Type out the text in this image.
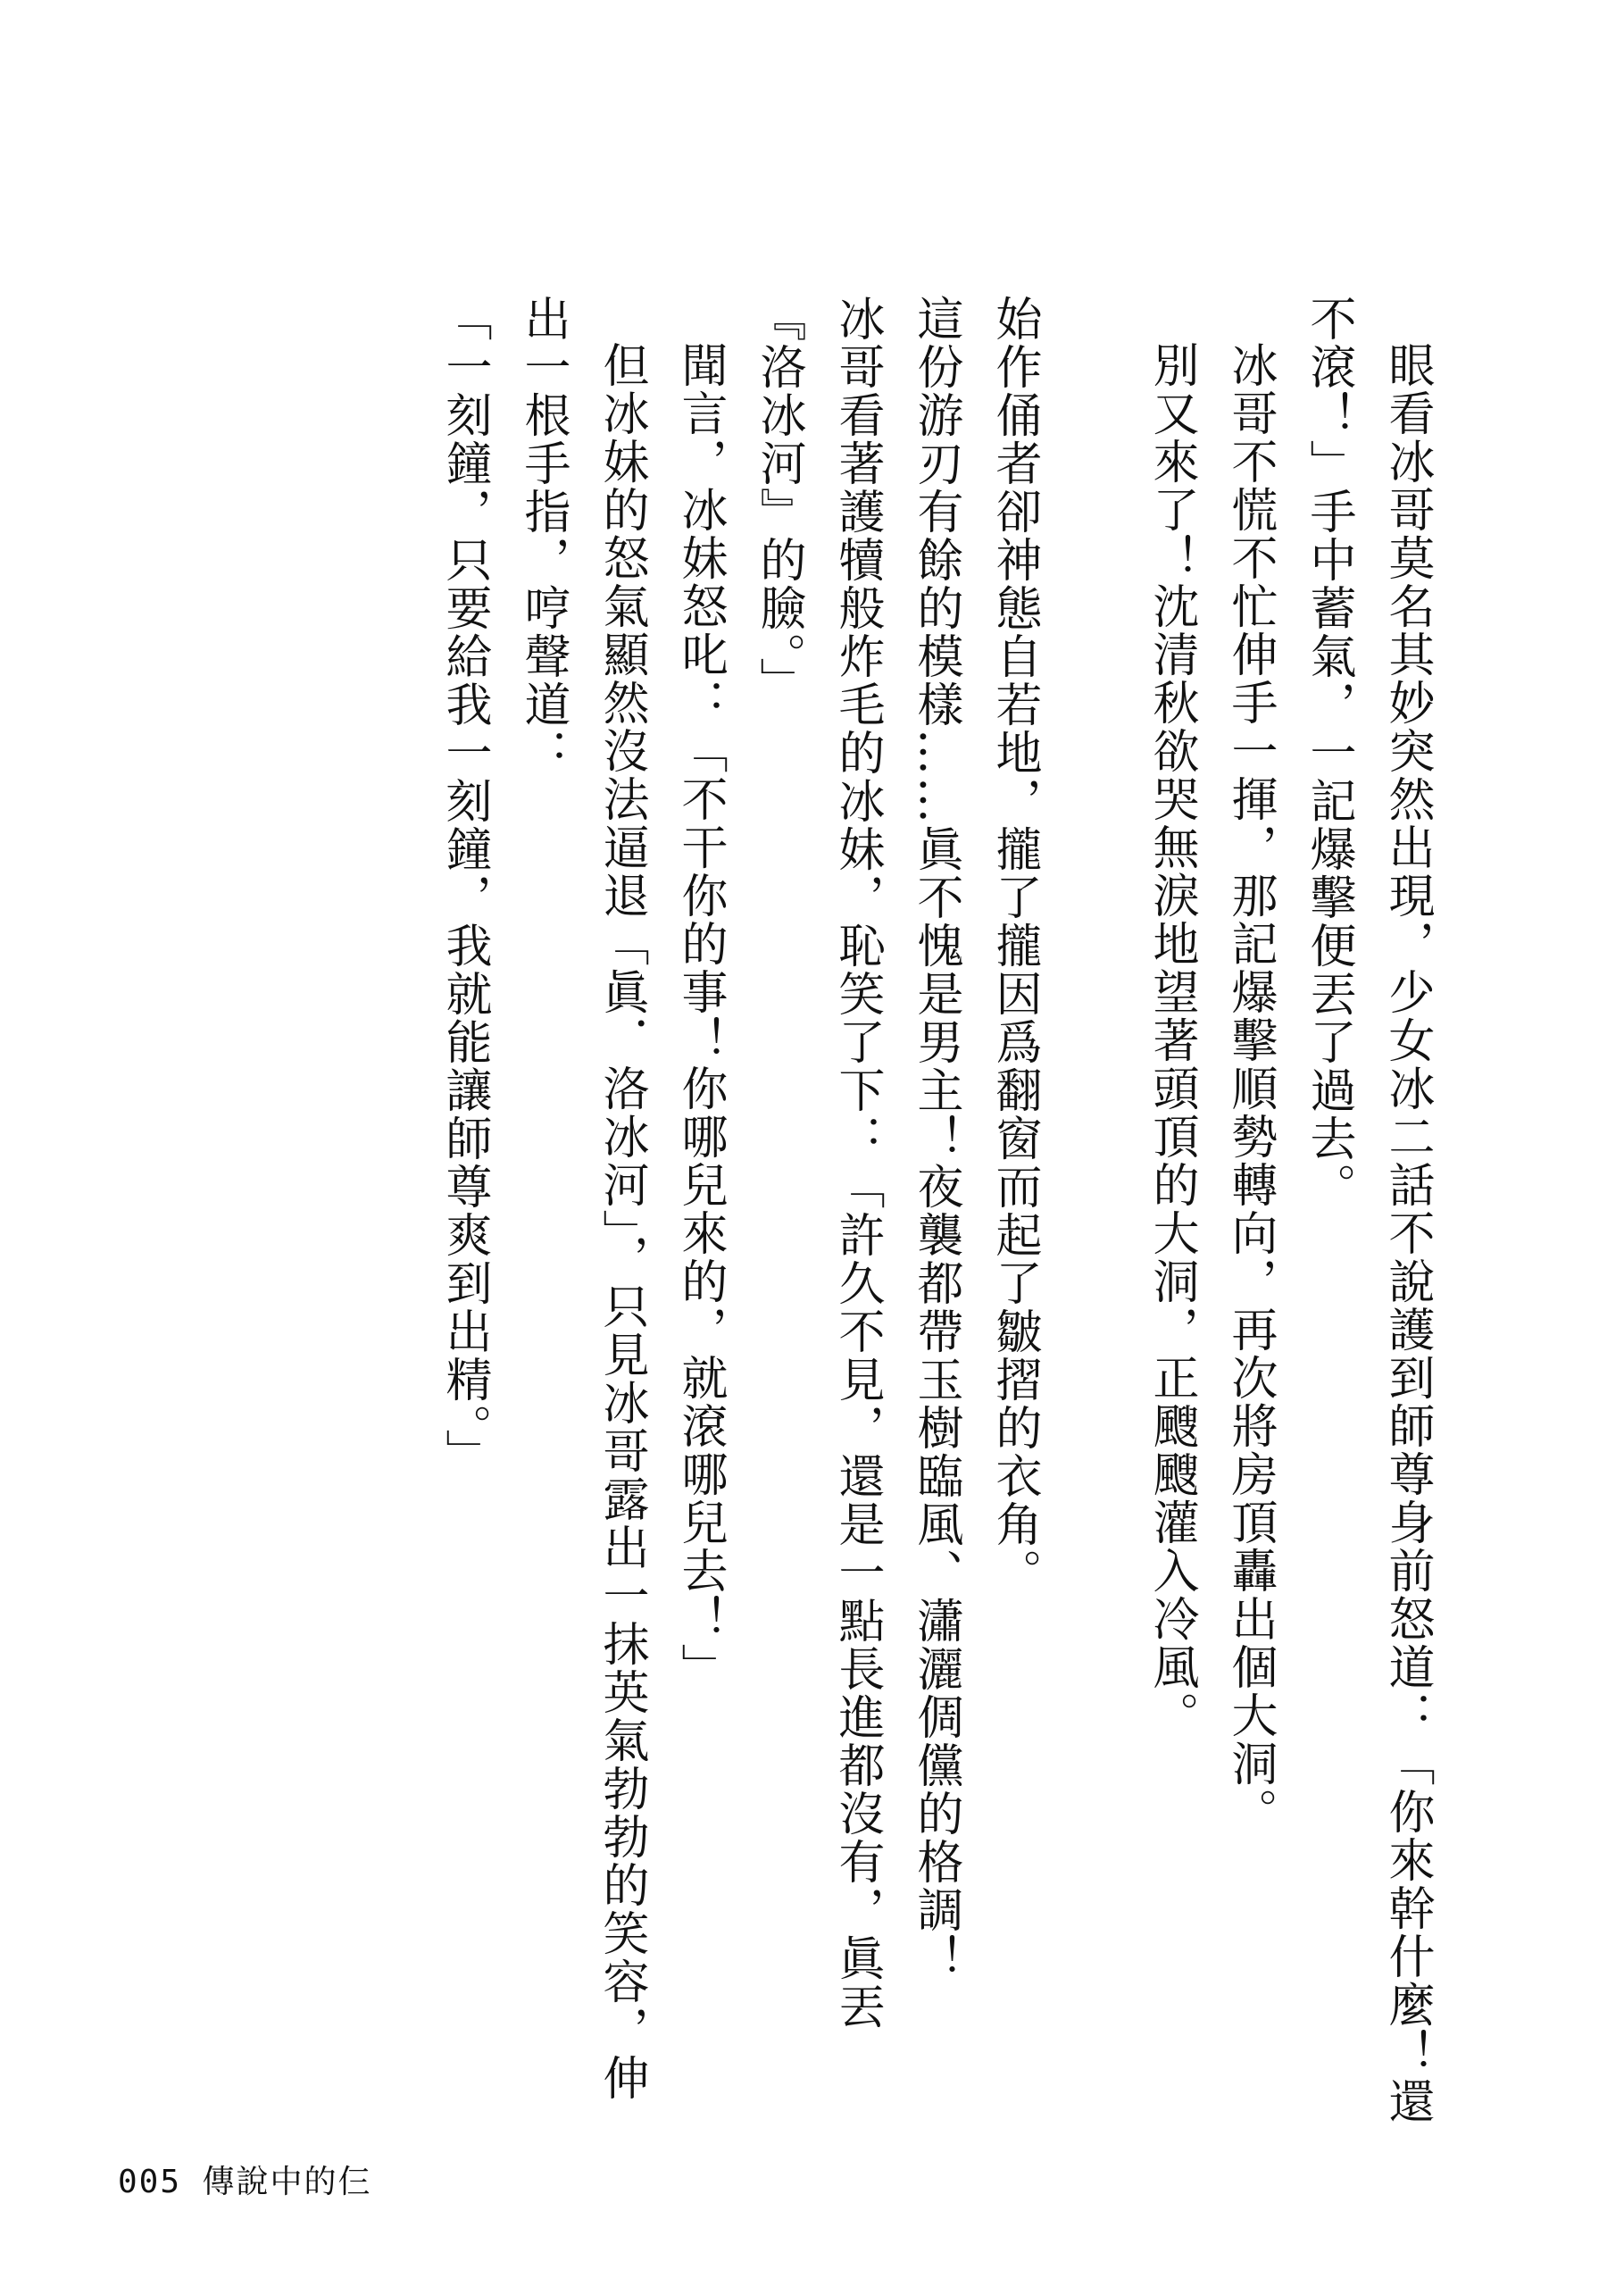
眼看冰哥莫名其妙突然出現，少女冰二話不說護到師尊身前怒道：「你來幹什麼！還不滾！」手中蓄氣，一記爆擊便丟了過去。

冰哥不慌不忙伸手一揮，那記爆擊順勢轉向，再次將房頂轟出個大洞。

別又來了！沈清秋欲哭無淚地望著頭頂的大洞，正颼颼灌入冷風。

始作俑者卻神態自若地，攏了攏因爲翻窗而起了皺摺的衣角。

這份游刃有餘的模樣……眞不愧是男主！夜襲都帶玉樹臨風、瀟灑倜儻的格調！

冰哥看著護犢般炸毛的冰妹，恥笑了下：「許久不見，還是一點長進都沒有，眞丟『洛冰河』的臉。」

聞言，冰妹怒叱：「不干你的事！你哪兒來的，就滾哪兒去！」

但冰妹的怒氣顯然沒法逼退「眞．洛冰河」，只見冰哥露出一抹英氣勃勃的笑容，伸出一根手指，哼聲道：

「一刻鐘，只要給我一刻鐘，我就能讓師尊爽到出精。」

005 傳說中的仨
